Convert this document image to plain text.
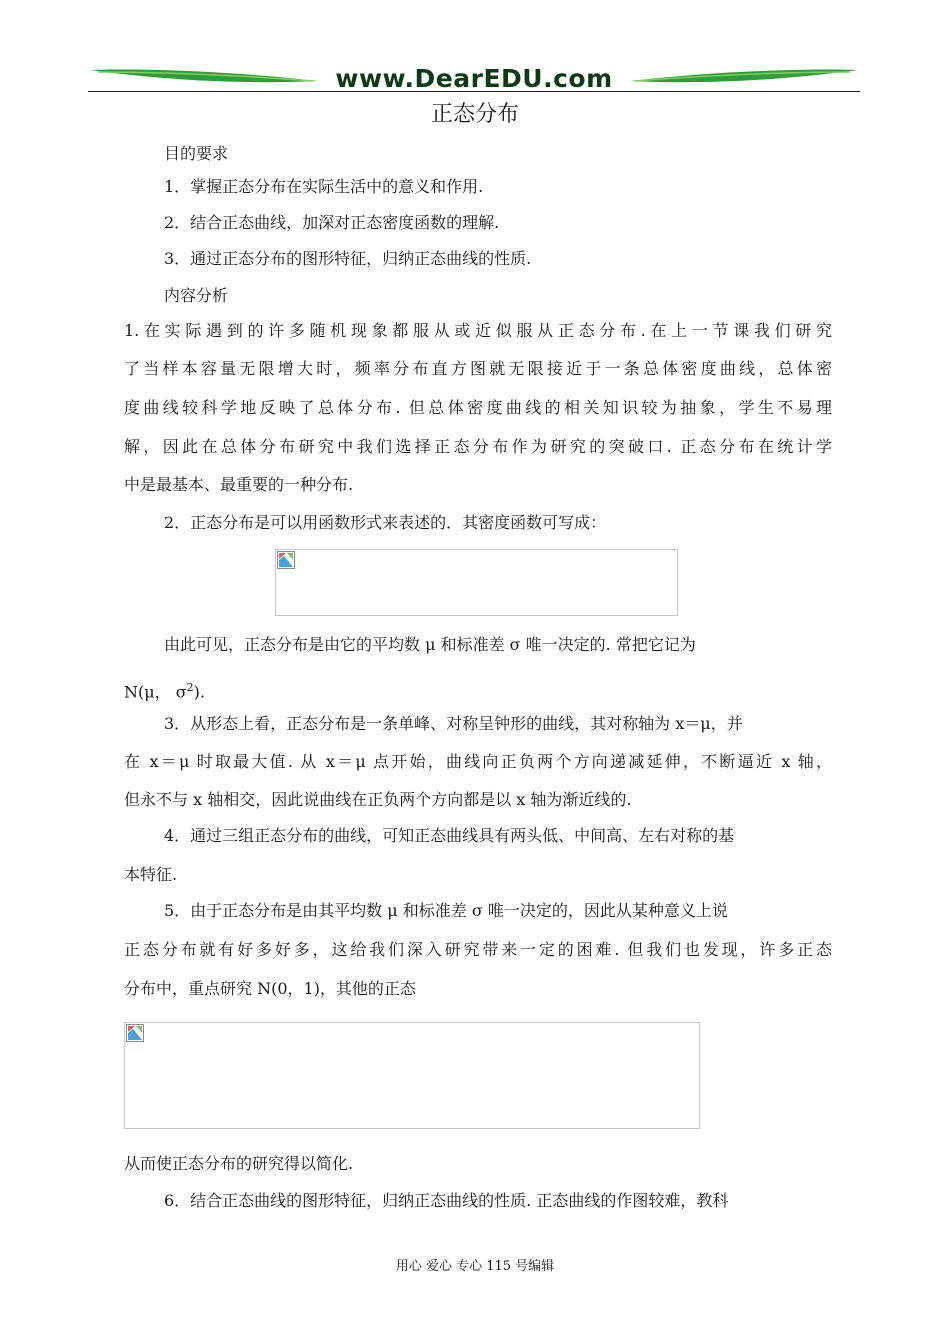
www.DearEDU.com
正态分布
目的要求
1．掌握正态分布在实际生活中的意义和作用.
2．结合正态曲线，加深对正态密度函数的理解.
3．通过正态分布的图形特征，归纳正态曲线的性质.
内容分析
1.在实际遇到的许多随机现象都服从或近似服从正态分布.在上一节课我们研究
了当样本容量无限增大时，频率分布直方图就无限接近于一条总体密度曲线，总体密
度曲线较科学地反映了总体分布. 但总体密度曲线的相关知识较为抽象，学生不易理
解，因此在总体分布研究中我们选择正态分布作为研究的突破口. 正态分布在统计学
中是最基本、最重要的一种分布.
2．正态分布是可以用函数形式来表述的．其密度函数可写成：
由此可见，正态分布是由它的平均数 μ 和标准差 σ 唯一决定的. 常把它记为
N(μ， $\sigma^2$).
3．从形态上看，正态分布是一条单峰、对称呈钟形的曲线，其对称轴为 x＝μ，并
在 x＝μ 时取最大值. 从 x＝μ 点开始，曲线向正负两个方向递减延伸，不断逼近 x 轴，
但永不与 x 轴相交，因此说曲线在正负两个方向都是以 x 轴为渐近线的.
4．通过三组正态分布的曲线，可知正态曲线具有两头低、中间高、左右对称的基
本特征.
5．由于正态分布是由其平均数 μ 和标准差 σ 唯一决定的，因此从某种意义上说
正态分布就有好多好多，这给我们深入研究带来一定的困难. 但我们也发现，许多正态
分布中，重点研究 N(0，1)，其他的正态
从而使正态分布的研究得以简化.
6．结合正态曲线的图形特征，归纳正态曲线的性质. 正态曲线的作图较难，教科
用心 爱心 专心 115 号编辑
